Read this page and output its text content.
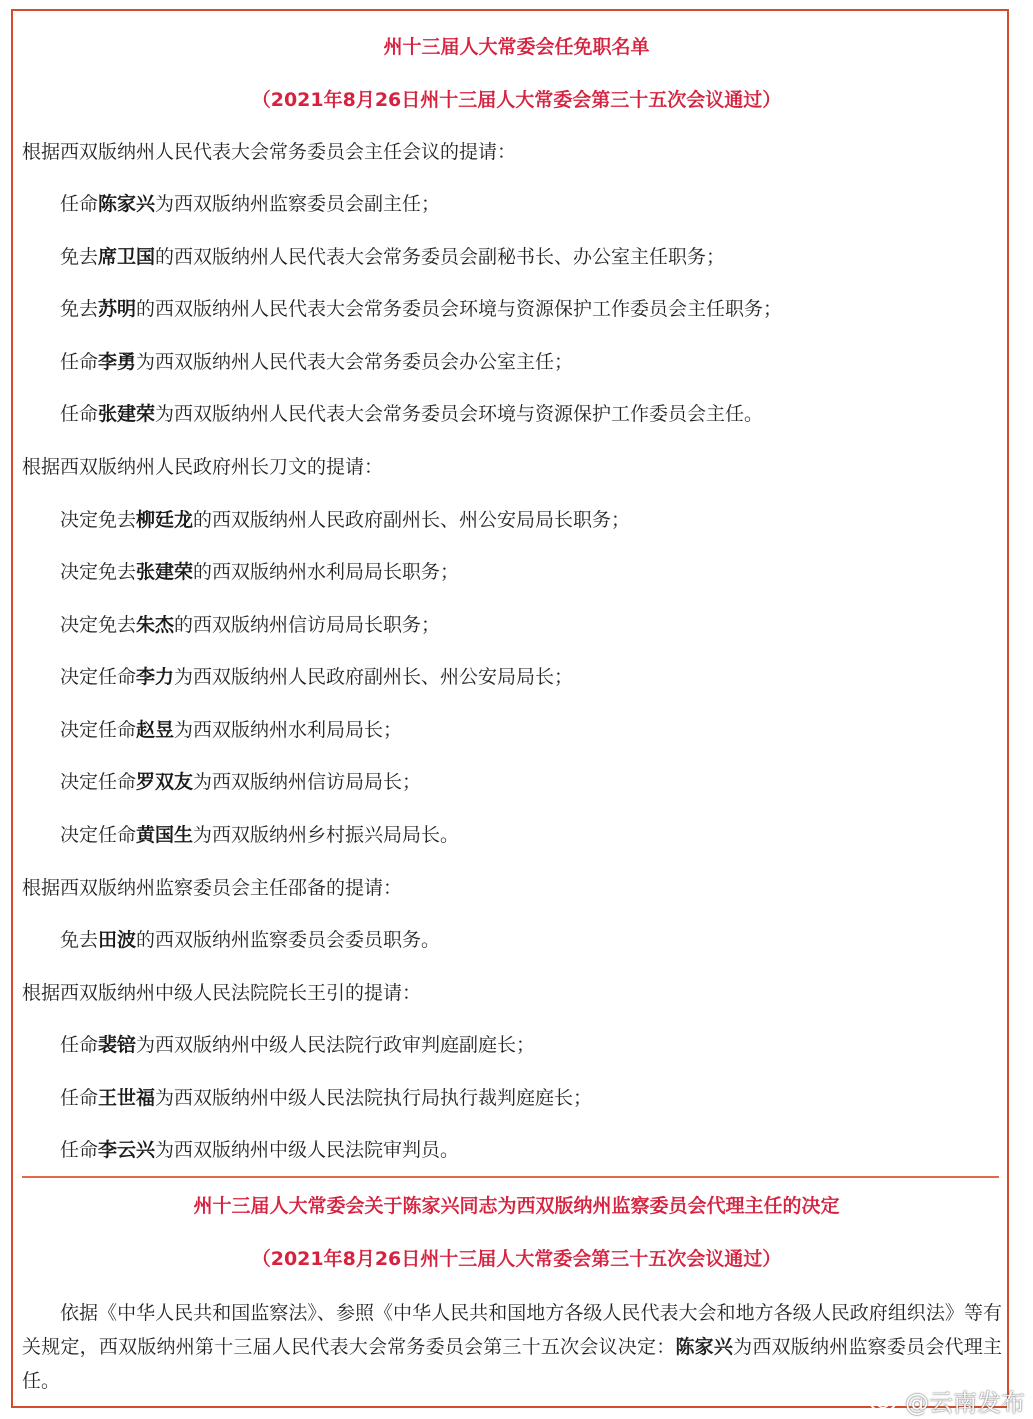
州十三届人大常委会任免职名单
（2021年8月26日州十三届人大常委会第三十五次会议通过）
根据西双版纳州人民代表大会常务委员会主任会议的提请：
任命陈家兴为西双版纳州监察委员会副主任；
免去席卫国的西双版纳州人民代表大会常务委员会副秘书长、办公室主任职务；
免去苏明的西双版纳州人民代表大会常务委员会环境与资源保护工作委员会主任职务；
任命李勇为西双版纳州人民代表大会常务委员会办公室主任；
任命张建荣为西双版纳州人民代表大会常务委员会环境与资源保护工作委员会主任。
根据西双版纳州人民政府州长刀文的提请：
决定免去柳廷龙的西双版纳州人民政府副州长、州公安局局长职务；
决定免去张建荣的西双版纳州水利局局长职务；
决定免去朱杰的西双版纳州信访局局长职务；
决定任命李力为西双版纳州人民政府副州长、州公安局局长；
决定任命赵昱为西双版纳州水利局局长；
决定任命罗双友为西双版纳州信访局局长；
决定任命黄国生为西双版纳州乡村振兴局局长。
根据西双版纳州监察委员会主任邵备的提请：
免去田波的西双版纳州监察委员会委员职务。
根据西双版纳州中级人民法院院长王引的提请：
任命裴锫为西双版纳州中级人民法院行政审判庭副庭长；
任命王世福为西双版纳州中级人民法院执行局执行裁判庭庭长；
任命李云兴为西双版纳州中级人民法院审判员。
州十三届人大常委会关于陈家兴同志为西双版纳州监察委员会代理主任的决定
（2021年8月26日州十三届人大常委会第三十五次会议通过）
依据《中华人民共和国监察法》、参照《中华人民共和国地方各级人民代表大会和地方各级人民政府组织法》等有关规定，西双版纳州第十三届人民代表大会常务委员会第三十五次会议决定：陈家兴为西双版纳州监察委员会代理主任。
@云南发布
